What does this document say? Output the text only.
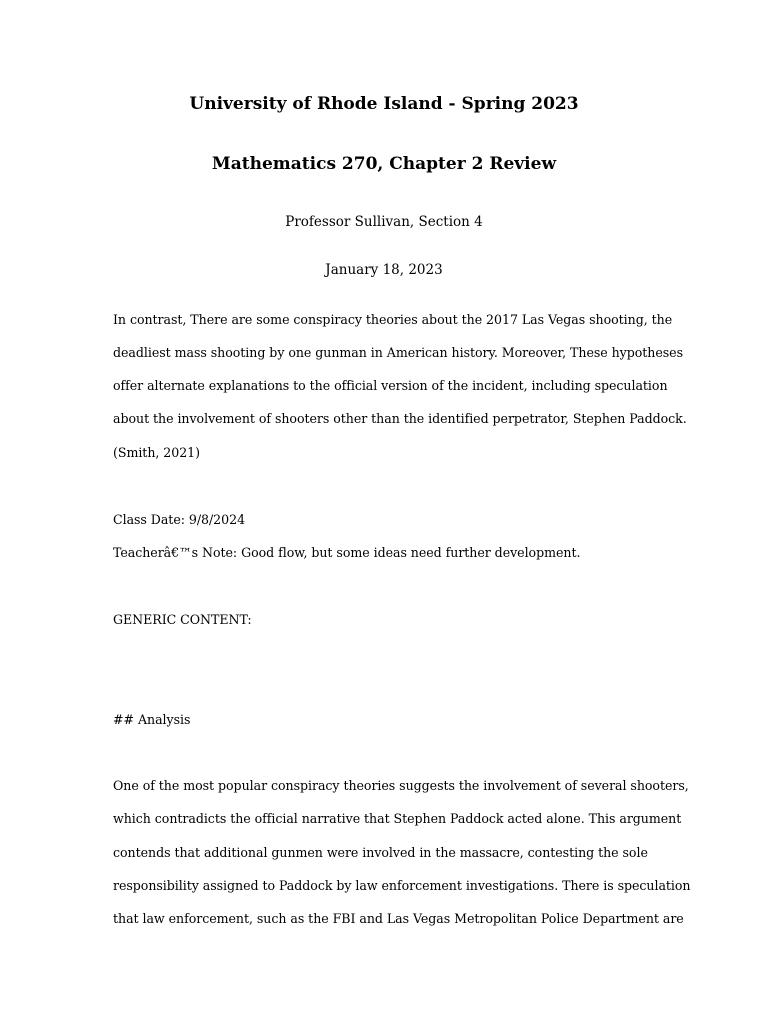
University of Rhode Island - Spring 2023
Mathematics 270, Chapter 2 Review
Professor Sullivan, Section 4
January 18, 2023
In contrast, There are some conspiracy theories about the 2017 Las Vegas shooting, the
deadliest mass shooting by one gunman in American history. Moreover, These hypotheses
offer alternate explanations to the official version of the incident, including speculation
about the involvement of shooters other than the identified perpetrator, Stephen Paddock.
(Smith, 2021)
Class Date: 9/8/2024
Teacherâ€™s Note: Good flow, but some ideas need further development.
GENERIC CONTENT:
## Analysis
One of the most popular conspiracy theories suggests the involvement of several shooters,
which contradicts the official narrative that Stephen Paddock acted alone. This argument
contends that additional gunmen were involved in the massacre, contesting the sole
responsibility assigned to Paddock by law enforcement investigations. There is speculation
that law enforcement, such as the FBI and Las Vegas Metropolitan Police Department are
